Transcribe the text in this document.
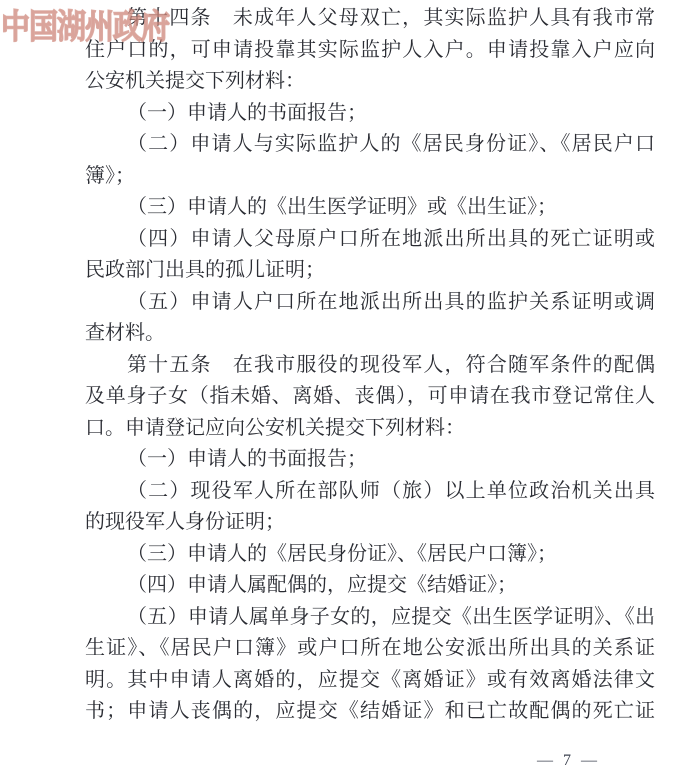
中国湖州政府
第十四条　未成年人父母双亡，其实际监护人具有我市常
住户口的，可申请投靠其实际监护人入户。申请投靠入户应向
公安机关提交下列材料：
（一）申请人的书面报告；
（二）申请人与实际监护人的《居民身份证》、《居民户口
簿》；
（三）申请人的《出生医学证明》或《出生证》；
（四）申请人父母原户口所在地派出所出具的死亡证明或
民政部门出具的孤儿证明；
（五）申请人户口所在地派出所出具的监护关系证明或调
查材料。
第十五条　在我市服役的现役军人，符合随军条件的配偶
及单身子女（指未婚、离婚、丧偶），可申请在我市登记常住人
口。申请登记应向公安机关提交下列材料：
（一）申请人的书面报告；
（二）现役军人所在部队师（旅）以上单位政治机关出具
的现役军人身份证明；
（三）申请人的《居民身份证》、《居民户口簿》；
（四）申请人属配偶的，应提交《结婚证》；
（五）申请人属单身子女的，应提交《出生医学证明》、《出
生证》、《居民户口簿》或户口所在地公安派出所出具的关系证
明。其中申请人离婚的，应提交《离婚证》或有效离婚法律文
书；申请人丧偶的，应提交《结婚证》和已亡故配偶的死亡证
— 7 —
